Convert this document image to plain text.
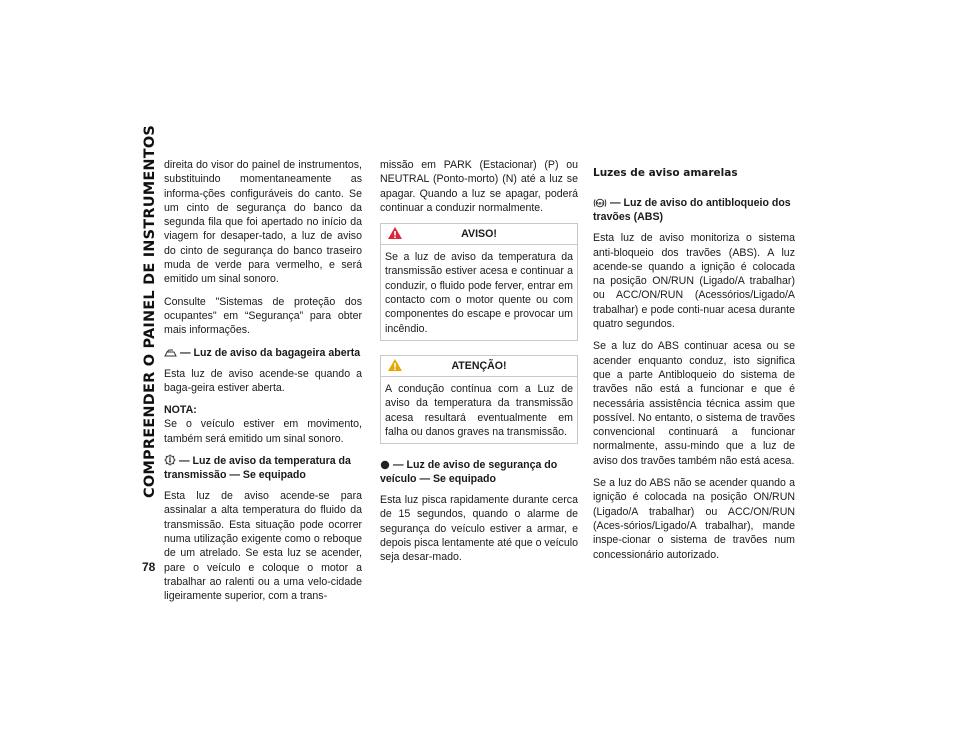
COMPREENDER O PAINEL DE INSTRUMENTOS
78

direita do visor do painel de instrumentos, substituindo momentaneamente as informa-ções configuráveis do canto. Se um cinto de segurança do banco da segunda fila que foi apertado no início da viagem for desaper-tado, a luz de aviso do cinto de segurança do banco traseiro muda de verde para vermelho, e será emitido um sinal sonoro.

Consulte "Sistemas de proteção dos ocupantes" em “Segurança” para obter mais informações.

— Luz de aviso da bagageira aberta

Esta luz de aviso acende-se quando a baga-geira estiver aberta.

NOTA:

Se o veículo estiver em movimento, também será emitido um sinal sonoro.

— Luz de aviso da temperatura da transmissão — Se equipado

Esta luz de aviso acende-se para assinalar a alta temperatura do fluido da transmissão. Esta situação pode ocorrer numa utilização exigente como o reboque de um atrelado. Se esta luz se acender, pare o veículo e coloque o motor a trabalhar ao ralenti ou a uma velo-cidade ligeiramente superior, com a trans-

missão em PARK (Estacionar) (P) ou NEUTRAL (Ponto-morto) (N) até a luz se apagar. Quando a luz se apagar, poderá continuar a conduzir normalmente.

AVISO!

Se a luz de aviso da temperatura da transmissão estiver acesa e continuar a conduzir, o fluido pode ferver, entrar em contacto com o motor quente ou com componentes do escape e provocar um incêndio.

ATENÇÃO!

A condução contínua com a Luz de aviso da temperatura da transmissão acesa resultará eventualmente em falha ou danos graves na transmissão.

— Luz de aviso de segurança do veículo — Se equipado

Esta luz pisca rapidamente durante cerca de 15 segundos, quando o alarme de segurança do veículo estiver a armar, e depois pisca lentamente até que o veículo seja desar-mado.

Luzes de aviso amarelas
ABS — Luz de aviso do antibloqueio dos travões (ABS)

Esta luz de aviso monitoriza o sistema anti-bloqueio dos travões (ABS). A luz acende-se quando a ignição é colocada na posição ON/RUN (Ligado/A trabalhar) ou ACC/ON/RUN (Acessórios/Ligado/A trabalhar) e pode conti-nuar acesa durante quatro segundos.

Se a luz do ABS continuar acesa ou se acender enquanto conduz, isto significa que a parte Antibloqueio do sistema de travões não está a funcionar e que é necessária assistência técnica assim que possível. No entanto, o sistema de travões convencional continuará a funcionar normalmente, assu-mindo que a luz de aviso dos travões também não está acesa.

Se a luz do ABS não se acender quando a ignição é colocada na posição ON/RUN (Ligado/A trabalhar) ou ACC/ON/RUN (Aces-sórios/Ligado/A trabalhar), mande inspe-cionar o sistema de travões num concessionário autorizado.
